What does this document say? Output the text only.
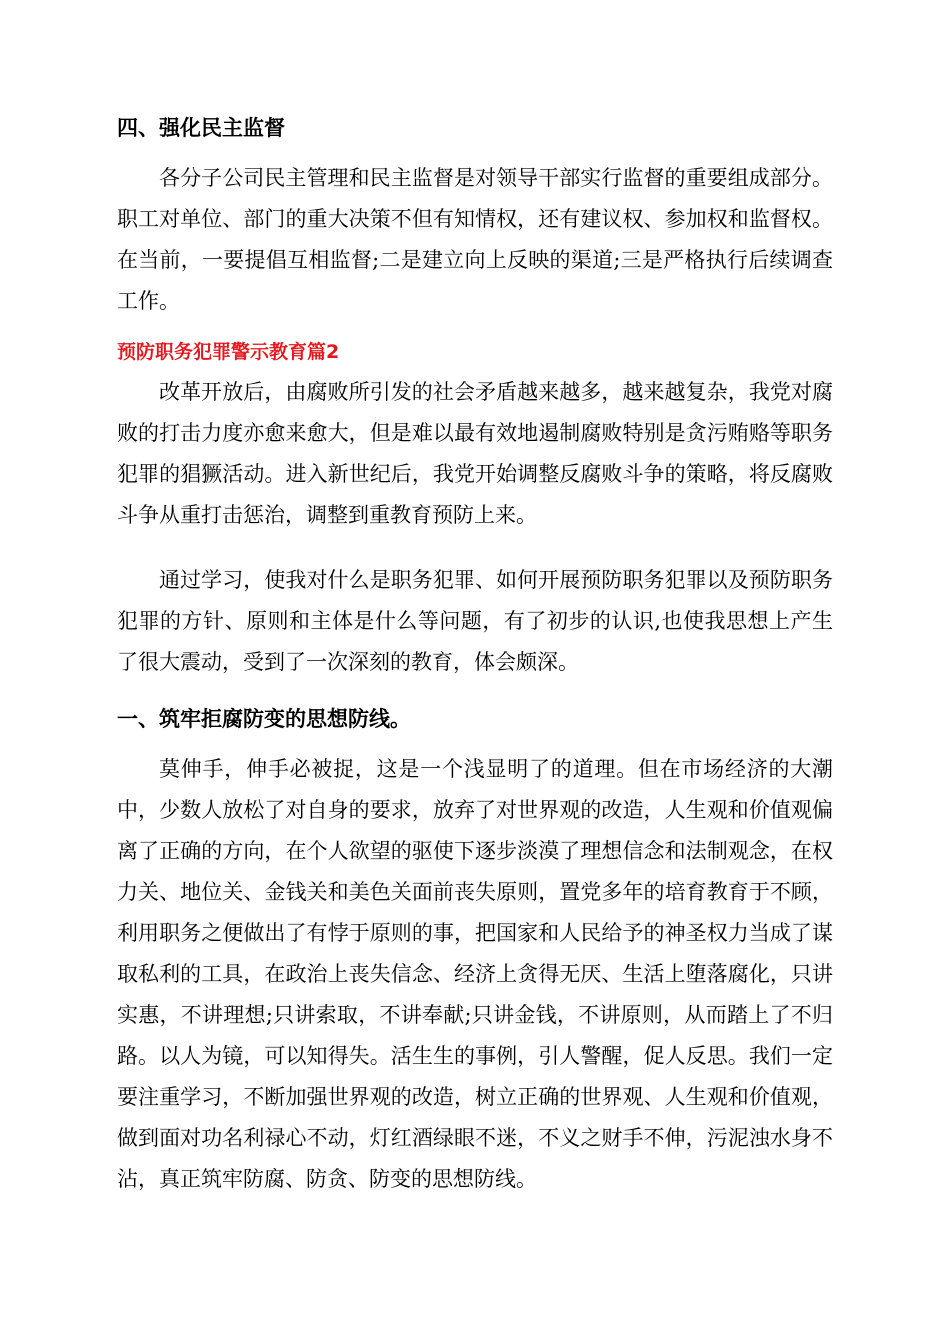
四、强化民主监督

各分子公司民主管理和民主监督是对领导干部实行监督的重要组成部分。职工对单位、部门的重大决策不但有知情权，还有建议权、参加权和监督权。在当前，一要提倡互相监督;二是建立向上反映的渠道;三是严格执行后续调查工作。

预防职务犯罪警示教育篇2

改革开放后，由腐败所引发的社会矛盾越来越多，越来越复杂，我党对腐败的打击力度亦愈来愈大，但是难以最有效地遏制腐败特别是贪污贿赂等职务犯罪的猖獗活动。进入新世纪后，我党开始调整反腐败斗争的策略，将反腐败斗争从重打击惩治，调整到重教育预防上来。

通过学习，使我对什么是职务犯罪、如何开展预防职务犯罪以及预防职务犯罪的方针、原则和主体是什么等问题，有了初步的认识,也使我思想上产生了很大震动，受到了一次深刻的教育，体会颇深。

一、筑牢拒腐防变的思想防线。

莫伸手，伸手必被捉，这是一个浅显明了的道理。但在市场经济的大潮中，少数人放松了对自身的要求，放弃了对世界观的改造，人生观和价值观偏离了正确的方向，在个人欲望的驱使下逐步淡漠了理想信念和法制观念，在权力关、地位关、金钱关和美色关面前丧失原则，置党多年的培育教育于不顾，利用职务之便做出了有悖于原则的事，把国家和人民给予的神圣权力当成了谋取私利的工具，在政治上丧失信念、经济上贪得无厌、生活上堕落腐化，只讲实惠，不讲理想;只讲索取，不讲奉献;只讲金钱，不讲原则，从而踏上了不归路。以人为镜，可以知得失。活生生的事例，引人警醒，促人反思。我们一定要注重学习，不断加强世界观的改造，树立正确的世界观、人生观和价值观，做到面对功名利禄心不动，灯红酒绿眼不迷，不义之财手不伸，污泥浊水身不沾，真正筑牢防腐、防贪、防变的思想防线。
